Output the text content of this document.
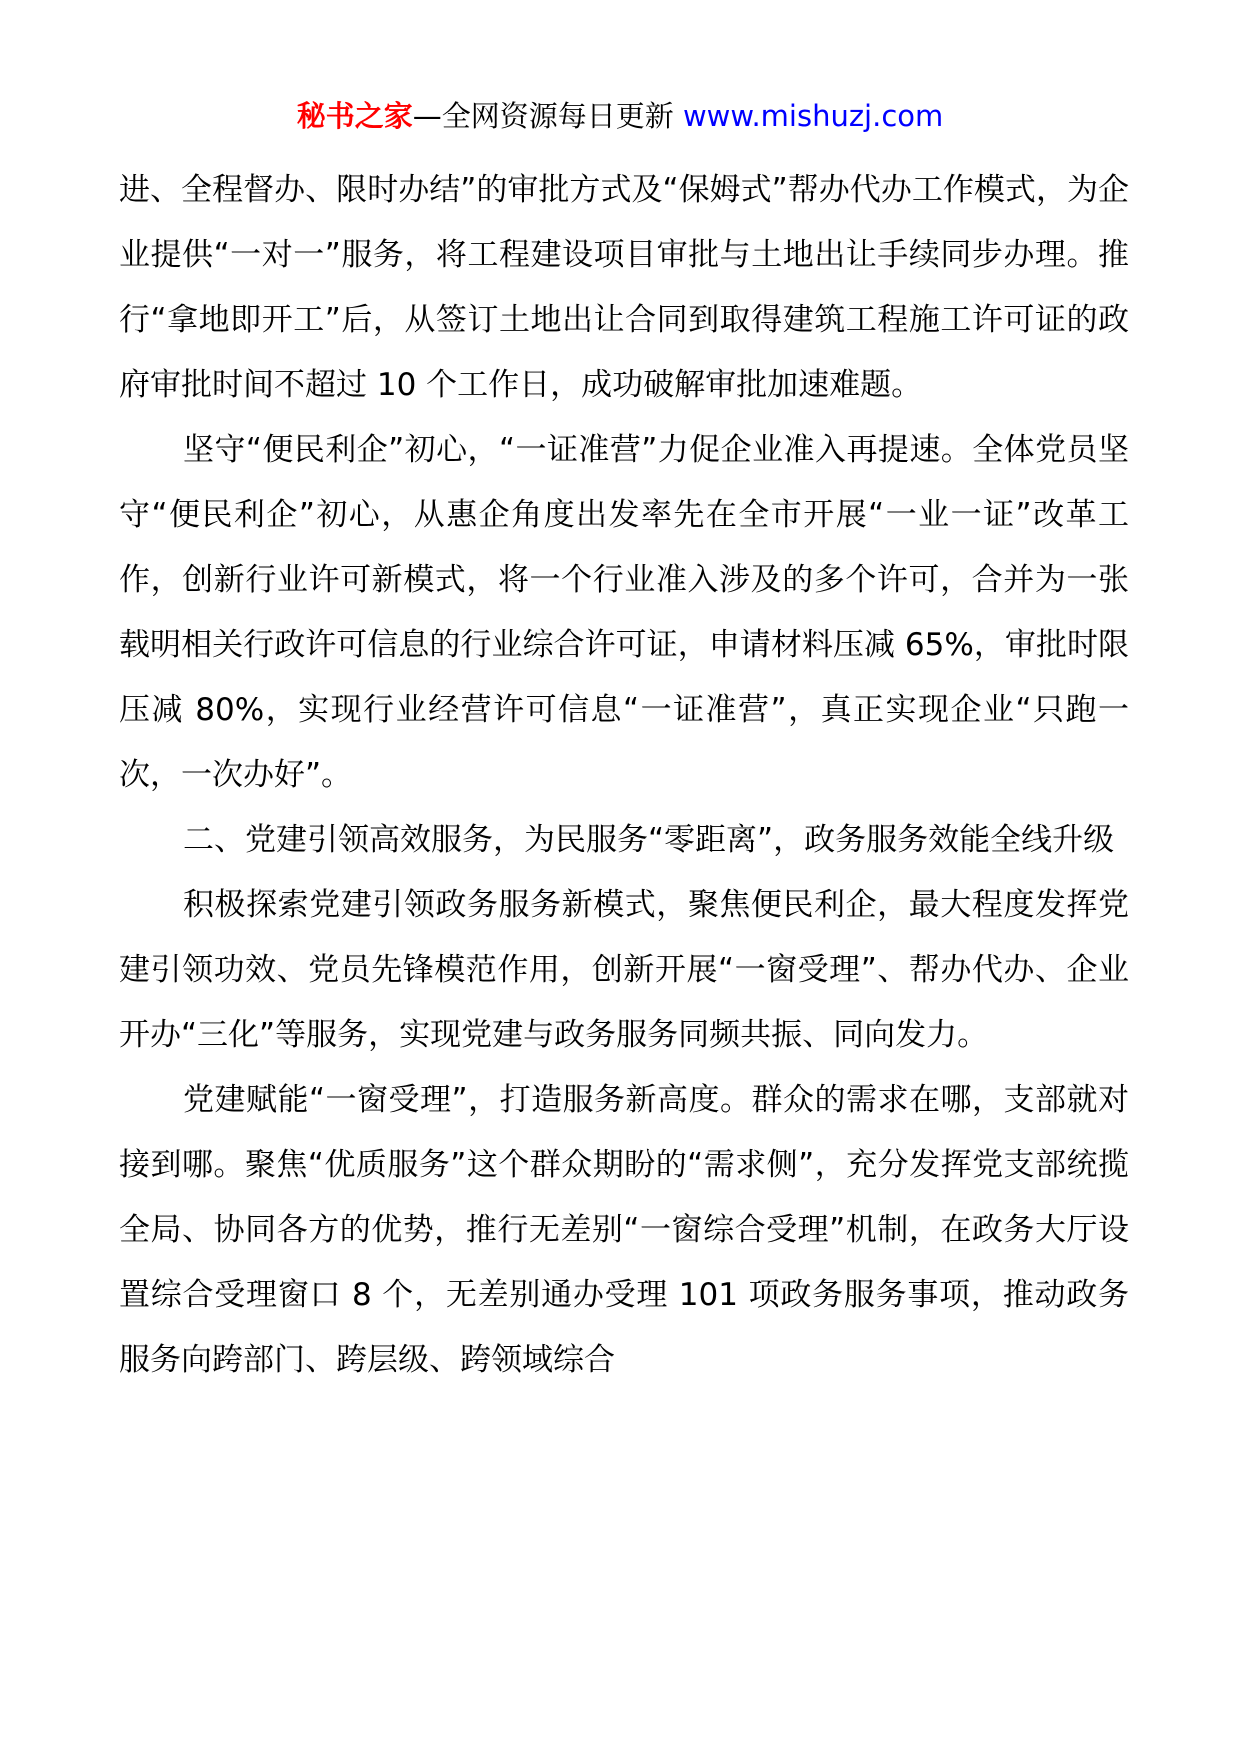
秘书之家—全网资源每日更新 www.mishuzj.com

进、全程督办、限时办结”的审批方式及“保姆式”帮办代办工作模式，为企业提供“一对一”服务，将工程建设项目审批与土地出让手续同步办理。推行“拿地即开工”后，从签订土地出让合同到取得建筑工程施工许可证的政府审批时间不超过 10 个工作日，成功破解审批加速难题。

坚守“便民利企”初心，“一证准营”力促企业准入再提速。全体党员坚守“便民利企”初心，从惠企角度出发率先在全市开展“一业一证”改革工作，创新行业许可新模式，将一个行业准入涉及的多个许可，合并为一张载明相关行政许可信息的行业综合许可证，申请材料压减 65%，审批时限压减 80%，实现行业经营许可信息“一证准营”，真正实现企业“只跑一次，一次办好”。

二、党建引领高效服务，为民服务“零距离”，政务服务效能全线升级

积极探索党建引领政务服务新模式，聚焦便民利企，最大程度发挥党建引领功效、党员先锋模范作用，创新开展“一窗受理”、帮办代办、企业开办“三化”等服务，实现党建与政务服务同频共振、同向发力。

党建赋能“一窗受理”，打造服务新高度。群众的需求在哪，支部就对接到哪。聚焦“优质服务”这个群众期盼的“需求侧”，充分发挥党支部统揽全局、协同各方的优势，推行无差别“一窗综合受理”机制，在政务大厅设置综合受理窗口 8 个，无差别通办受理 101 项政务服务事项，推动政务服务向跨部门、跨层级、跨领域综合
